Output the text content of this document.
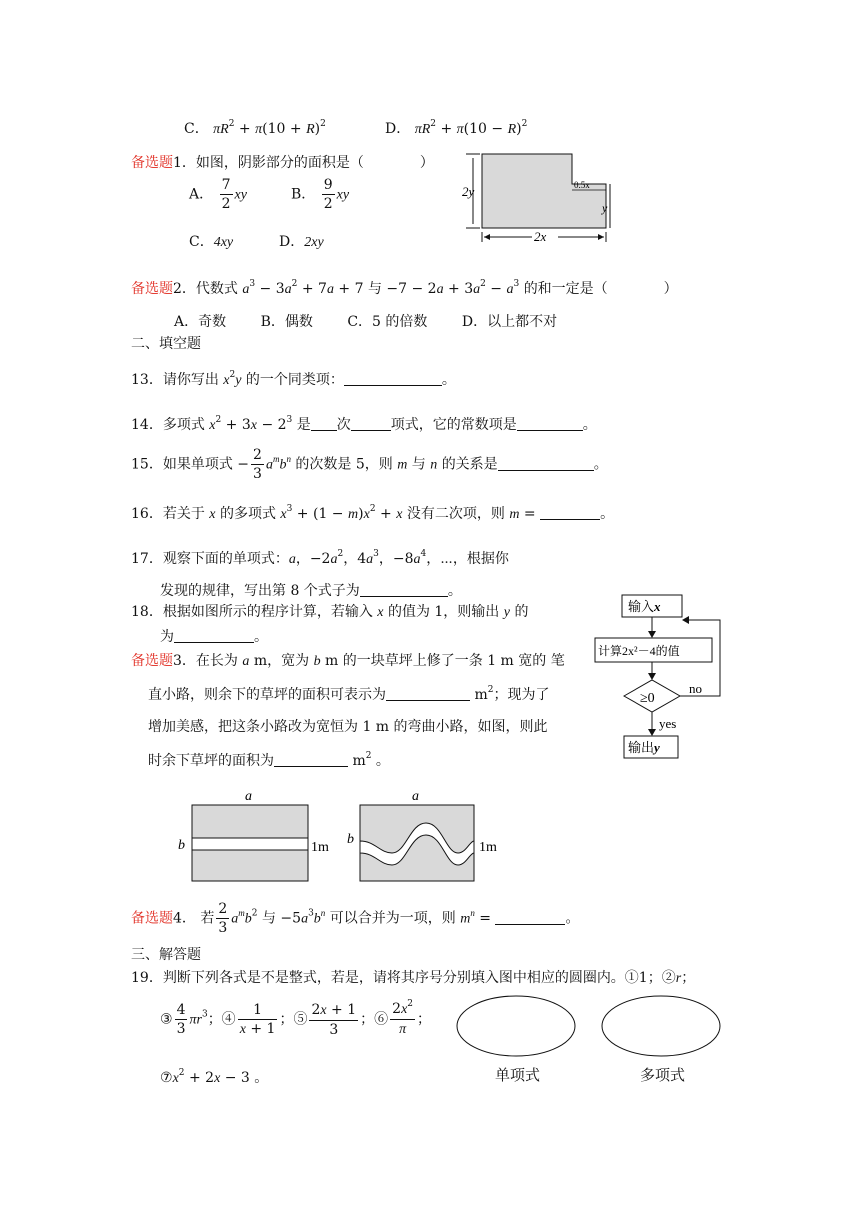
C． $\pi R^2 + \pi(10 + R)^2$	D． $\pi R^2 + \pi(10 - R)^2$
备选题1．如图，阴影部分的面积是（　　　　）
A． $\frac{7}{2}$ xy	B． $\frac{9}{2}$ xy
C．4xy	D．2xy
2y
2x
0.5x
y
备选题2．代数式 $a^3 - 3a^2 + 7a + 7$ 与 $-7 - 2a + 3a^2 - a^3$ 的和一定是（　　　　）
A．奇数 B．偶数 C．5 的倍数 D．以上都不对
二、填空题
13．请你写出 $x^2y$ 的一个同类项：	。
14．多项式 $x^2 + 3x - 2^3$ 是 次	项式，它的常数项是	。
15．如果单项式 − $\frac{2}{3} a^mb^n$ 的次数是 5，则 m 与 n 的关系是	。
16．若关于 x 的多项式 $x^3 + (1 - m)x^2 + x$ 没有二次项，则 m =	。
17．观察下面的单项式：a，$-2a^2$，$4a^3$，$-8a^4$，⋯，根据你
发现的规律，写出第 8 个式子为	。
18．根据如图所示的程序计算，若输入 x 的值为 1，则输出 y 的
为	。
输入x
计算2x²－4的值
≥0
no
yes
输出y
备选题3．在长为 a m，宽为 b m 的一块草坪上修了一条 1 m 宽的 笔
直小路，则余下的草坪的面积可表示为	$m^2$；现为了
增加美感，把这条小路改为宽恒为 1 m 的弯曲小路，如图，则此
时余下草坪的面积为	$m^2$ 。
a
b	1m
a
b
1m
备选题4． 若 $\frac{2}{3} a^mb^2$ 与 $-5a^3b^n$ 可以合并为一项，则 $m^n$ =	。
三、解答题
19．判断下列各式是不是整式，若是，请将其序号分别填入图中相应的圆圈内。①1；②r；
③ $\frac{4}{3} \pi r^3$；④ $\frac{1}{x + 1}$ ；⑤ $\frac{2x + 1}{3}$ ；⑥ $\frac{2x^2}{\pi}$ ；
$⑦x^2 + 2x - 3$ 。	单项式	多项式
